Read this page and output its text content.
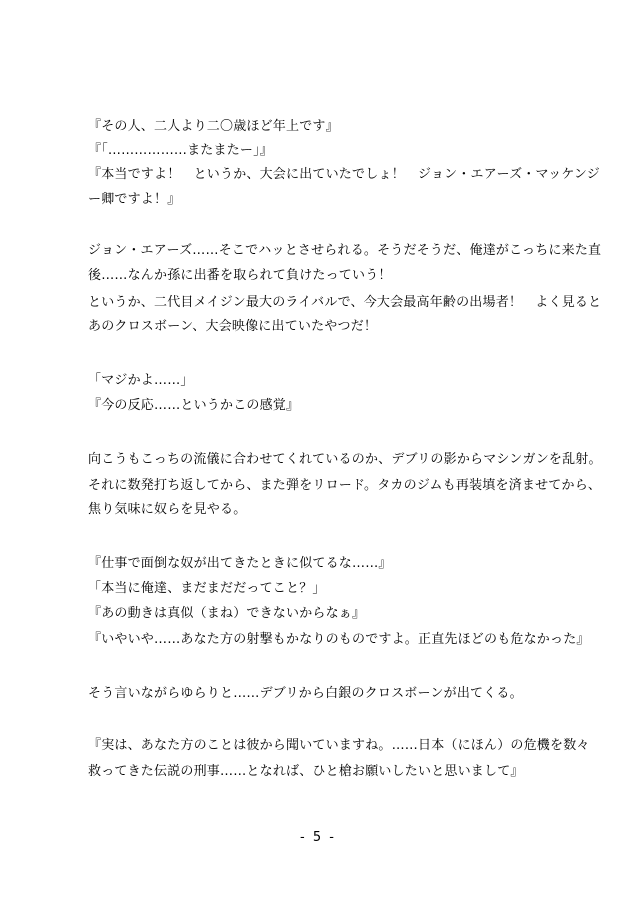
『その人、二人より二〇歳ほど年上です』
『「………………またまたー」』
『本当ですよ！　というか、大会に出ていたでしょ！　ジョン・エアーズ・マッケンジ
ー卿ですよ！』
ジョン・エアーズ……そこでハッとさせられる。そうだそうだ、俺達がこっちに来た直
後……なんか孫に出番を取られて負けたっていう！
というか、二代目メイジン最大のライバルで、今大会最高年齢の出場者！　よく見ると
あのクロスボーン、大会映像に出ていたやつだ！
「マジかよ……」
『今の反応……というかこの感覚』
向こうもこっちの流儀に合わせてくれているのか、デブリの影からマシンガンを乱射。
それに数発打ち返してから、また弾をリロード。タカのジムも再装填を済ませてから、
焦り気味に奴らを見やる。
『仕事で面倒な奴が出てきたときに似てるな……』
「本当に俺達、まだまだだってこと？」
『あの動きは真似（まね）できないからなぁ』
『いやいや……あなた方の射撃もかなりのものですよ。正直先ほどのも危なかった』
そう言いながらゆらりと……デブリから白銀のクロスボーンが出てくる。
『実は、あなた方のことは彼から聞いていますね。……日本（にほん）の危機を数々
救ってきた伝説の刑事……となれば、ひと槍お願いしたいと思いまして』
- 5 -
